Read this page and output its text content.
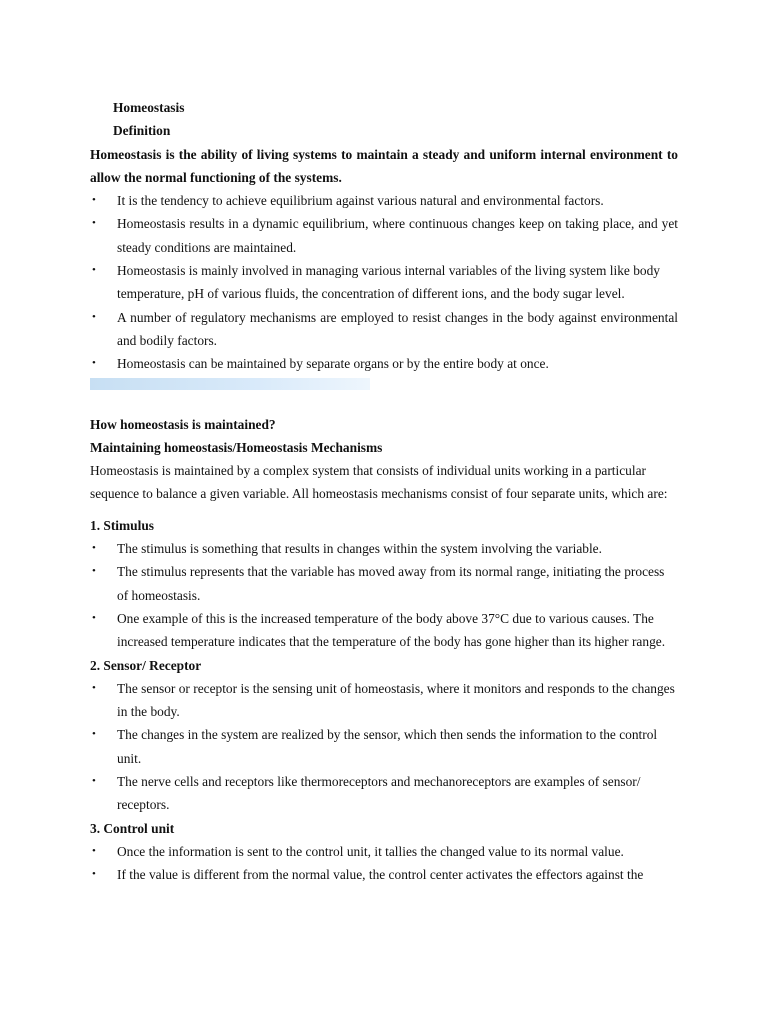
Homeostasis

Definition

Homeostasis is the ability of living systems to maintain a steady and uniform internal environment to allow the normal functioning of the systems.

• It is the tendency to achieve equilibrium against various natural and environmental factors.
• Homeostasis results in a dynamic equilibrium, where continuous changes keep on taking place, and yet steady conditions are maintained.
• Homeostasis is mainly involved in managing various internal variables of the living system like body temperature, pH of various fluids, the concentration of different ions, and the body sugar level.
• A number of regulatory mechanisms are employed to resist changes in the body against environmental and bodily factors.
• Homeostasis can be maintained by separate organs or by the entire body at once.

How homeostasis is maintained?

Maintaining homeostasis/Homeostasis Mechanisms

Homeostasis is maintained by a complex system that consists of individual units working in a particular sequence to balance a given variable. All homeostasis mechanisms consist of four separate units, which are:

1. Stimulus

• The stimulus is something that results in changes within the system involving the variable.
• The stimulus represents that the variable has moved away from its normal range, initiating the process of homeostasis.
• One example of this is the increased temperature of the body above 37°C due to various causes. The increased temperature indicates that the temperature of the body has gone higher than its higher range.

2. Sensor/ Receptor

• The sensor or receptor is the sensing unit of homeostasis, where it monitors and responds to the changes in the body.
• The changes in the system are realized by the sensor, which then sends the information to the control unit.
• The nerve cells and receptors like thermoreceptors and mechanoreceptors are examples of sensor/ receptors.

3. Control unit

• Once the information is sent to the control unit, it tallies the changed value to its normal value.
• If the value is different from the normal value, the control center activates the effectors against the
